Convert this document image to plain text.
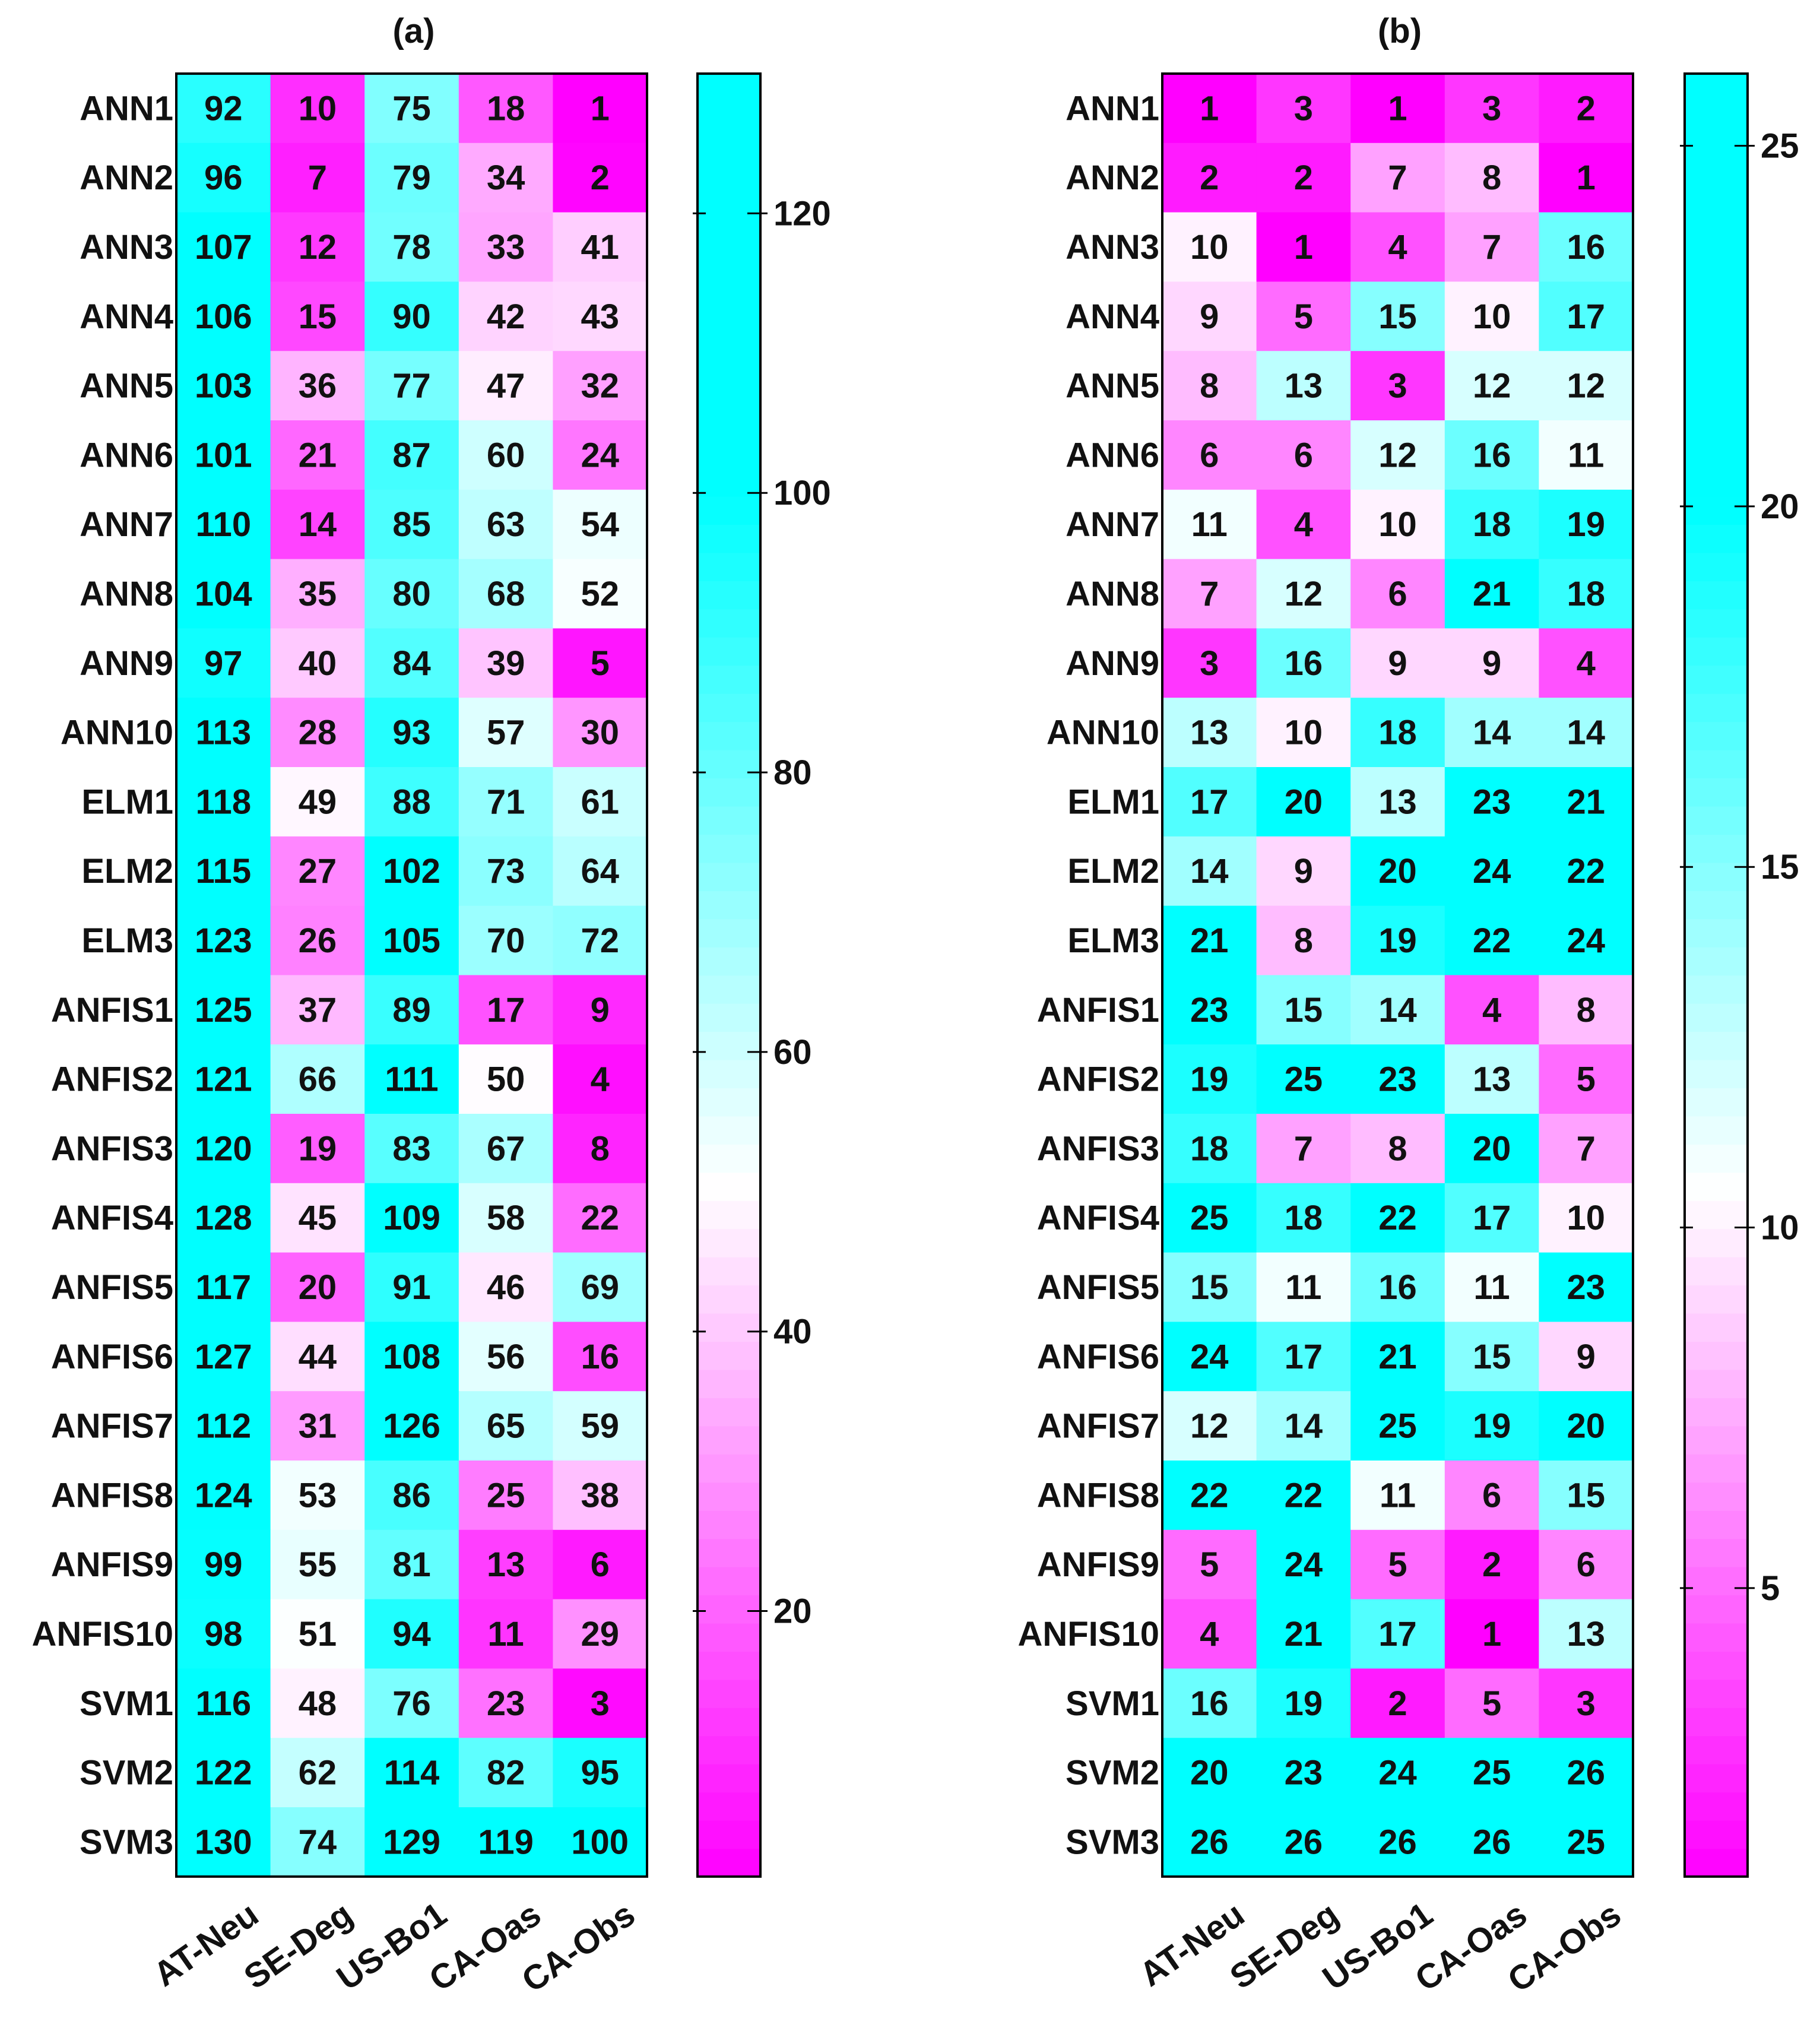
(a)
92 10 75 18 1
96 7 79 34 2
107 12 78 33 41
106 15 90 42 43
103 36 77 47 32
101 21 87 60 24
110 14 85 63 54
104 35 80 68 52
97 40 84 39 5
113 28 93 57 30
118 49 88 71 61
115 27 102 73 64
123 26 105 70 72
125 37 89 17 9
121 66 111 50 4
120 19 83 67 8
128 45 109 58 22
117 20 91 46 69
127 44 108 56 16
112 31 126 65 59
124 53 86 25 38
99 55 81 13 6
98 51 94 11 29
116 48 76 23 3
122 62 114 82 95
130 74 129 119 100
ANN1
ANN2
ANN3
ANN4
ANN5
ANN6
ANN7
ANN8
ANN9
ANN10
ELM1
ELM2
ELM3
ANFIS1
ANFIS2
ANFIS3
ANFIS4
ANFIS5
ANFIS6
ANFIS7
ANFIS8
ANFIS9
ANFIS10
SVM1
SVM2
SVM3
AT-Neu
SE-Deg
US-Bo1
CA-Oas
CA-Obs
20
40
60
80
100
120
(b)
1 3 1 3 2
2 2 7 8 1
10 1 4 7 16
9 5 15 10 17
8 13 3 12 12
6 6 12 16 11
11 4 10 18 19
7 12 6 21 18
3 16 9 9 4
13 10 18 14 14
17 20 13 23 21
14 9 20 24 22
21 8 19 22 24
23 15 14 4 8
19 25 23 13 5
18 7 8 20 7
25 18 22 17 10
15 11 16 11 23
24 17 21 15 9
12 14 25 19 20
22 22 11 6 15
5 24 5 2 6
4 21 17 1 13
16 19 2 5 3
20 23 24 25 26
26 26 26 26 25
ANN1
ANN2
ANN3
ANN4
ANN5
ANN6
ANN7
ANN8
ANN9
ANN10
ELM1
ELM2
ELM3
ANFIS1
ANFIS2
ANFIS3
ANFIS4
ANFIS5
ANFIS6
ANFIS7
ANFIS8
ANFIS9
ANFIS10
SVM1
SVM2
SVM3
AT-Neu
SE-Deg
US-Bo1
CA-Oas
CA-Obs
5
10
15
20
25
